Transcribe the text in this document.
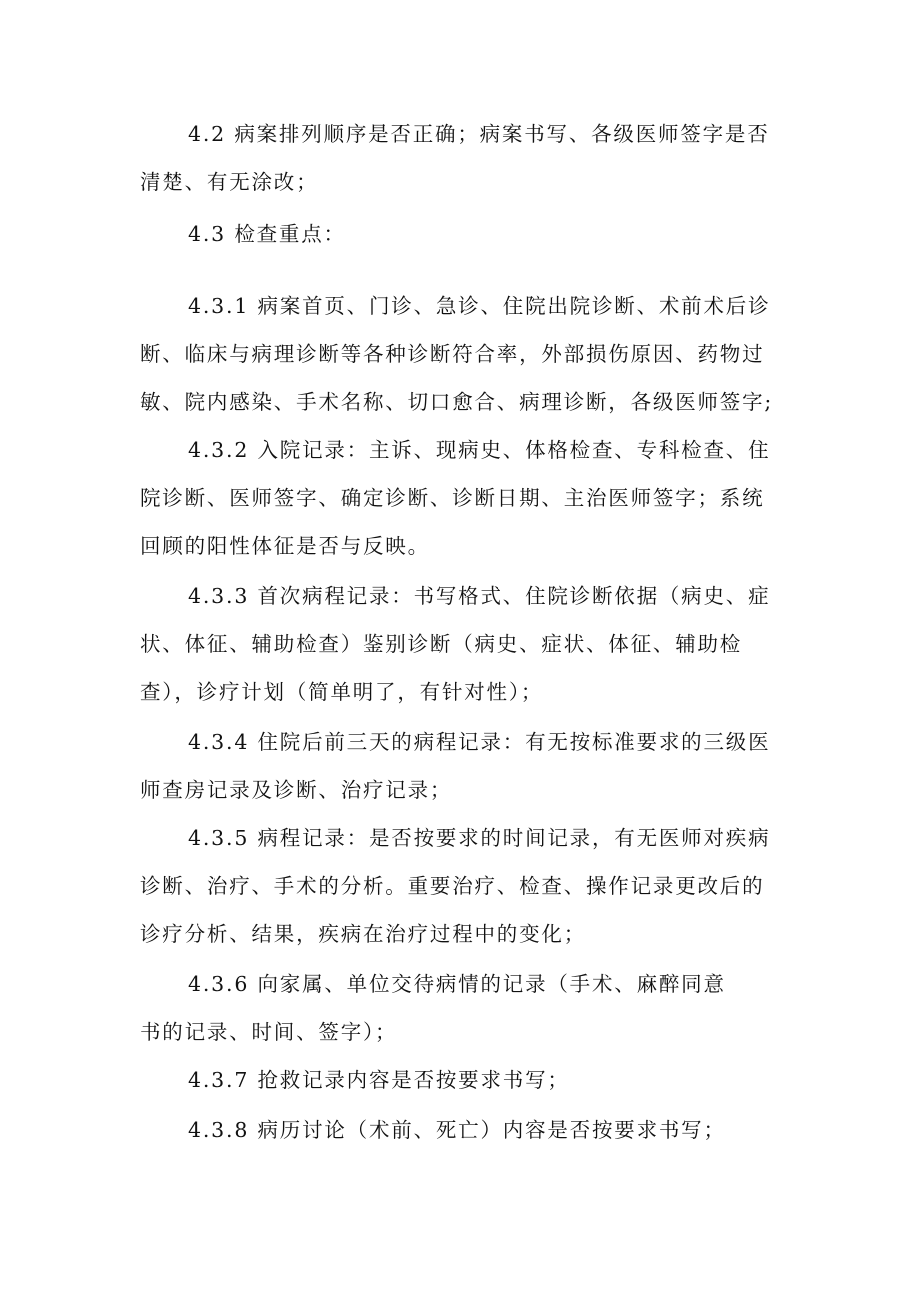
4.2 病案排列顺序是否正确；病案书写、各级医师签字是否
清楚、有无涂改；
4.3 检查重点：
4.3.1 病案首页、门诊、急诊、住院出院诊断、术前术后诊
断、临床与病理诊断等各种诊断符合率，外部损伤原因、药物过
敏、院内感染、手术名称、切口愈合、病理诊断，各级医师签字;
4.3.2 入院记录：主诉、现病史、体格检查、专科检查、住
院诊断、医师签字、确定诊断、诊断日期、主治医师签字；系统
回顾的阳性体征是否与反映。
4.3.3 首次病程记录：书写格式、住院诊断依据（病史、症
状、体征、辅助检查）鉴别诊断（病史、症状、体征、辅助检
查），诊疗计划（简单明了，有针对性）；
4.3.4 住院后前三天的病程记录：有无按标准要求的三级医
师查房记录及诊断、治疗记录；
4.3.5 病程记录：是否按要求的时间记录，有无医师对疾病
诊断、治疗、手术的分析。重要治疗、检查、操作记录更改后的
诊疗分析、结果，疾病在治疗过程中的变化；
4.3.6 向家属、单位交待病情的记录（手术、麻醉同意
书的记录、时间、签字）；
4.3.7 抢救记录内容是否按要求书写；
4.3.8 病历讨论（术前、死亡）内容是否按要求书写；
